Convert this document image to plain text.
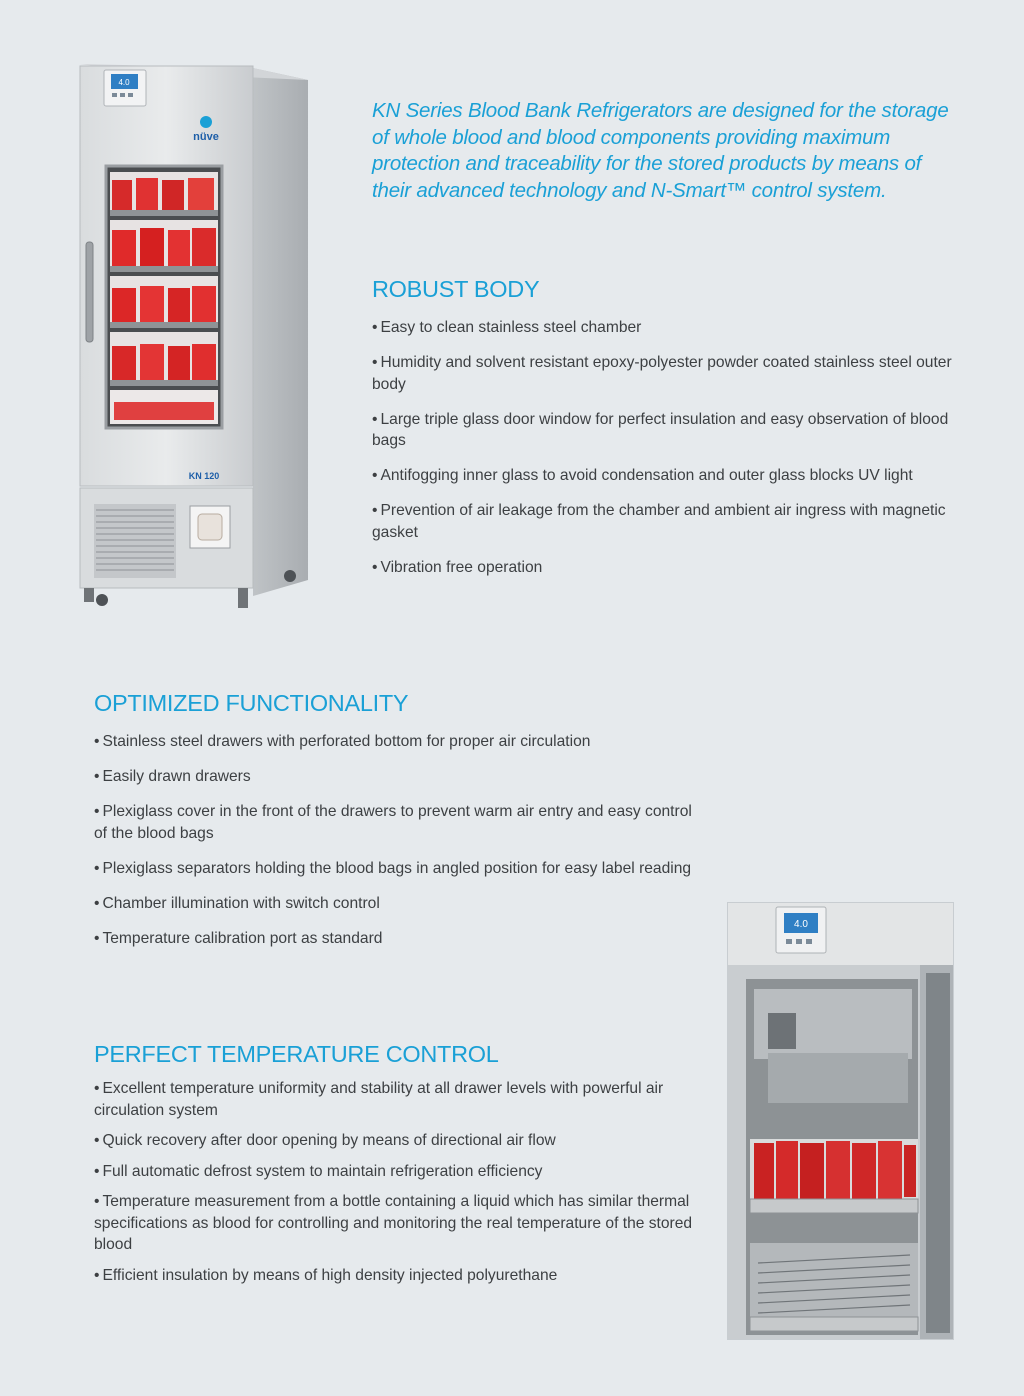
4.0
nüve
KN 120
KN Series Blood Bank Refrigerators are designed for the storage of whole blood and blood components providing maximum protection and traceability for the stored products by means of their advanced technology and N-Smart™ control system.
ROBUST BODY
• Easy to clean stainless steel chamber
• Humidity and solvent resistant epoxy-polyester powder coated stainless steel outer body
• Large triple glass door window for perfect insulation and easy observation of blood bags
• Antifogging inner glass to avoid condensation and outer glass blocks UV light
• Prevention of air leakage from the chamber and ambient air ingress with magnetic gasket
• Vibration free operation
OPTIMIZED FUNCTIONALITY
• Stainless steel drawers with perforated bottom for proper air circulation
• Easily drawn drawers
• Plexiglass cover in the front of the drawers to prevent warm air entry and easy control of the blood bags
• Plexiglass separators holding the blood bags in angled position for easy label reading
• Chamber illumination with switch control
• Temperature calibration port as standard
PERFECT TEMPERATURE CONTROL
• Excellent temperature uniformity and stability at all drawer levels with powerful air circulation system
• Quick recovery after door opening by means of directional air flow
• Full automatic defrost system to maintain refrigeration efficiency
• Temperature measurement from a bottle containing a liquid which has similar thermal specifications as blood for controlling and monitoring the real temperature of the stored blood
• Efficient insulation by means of high density injected polyurethane
4.0
